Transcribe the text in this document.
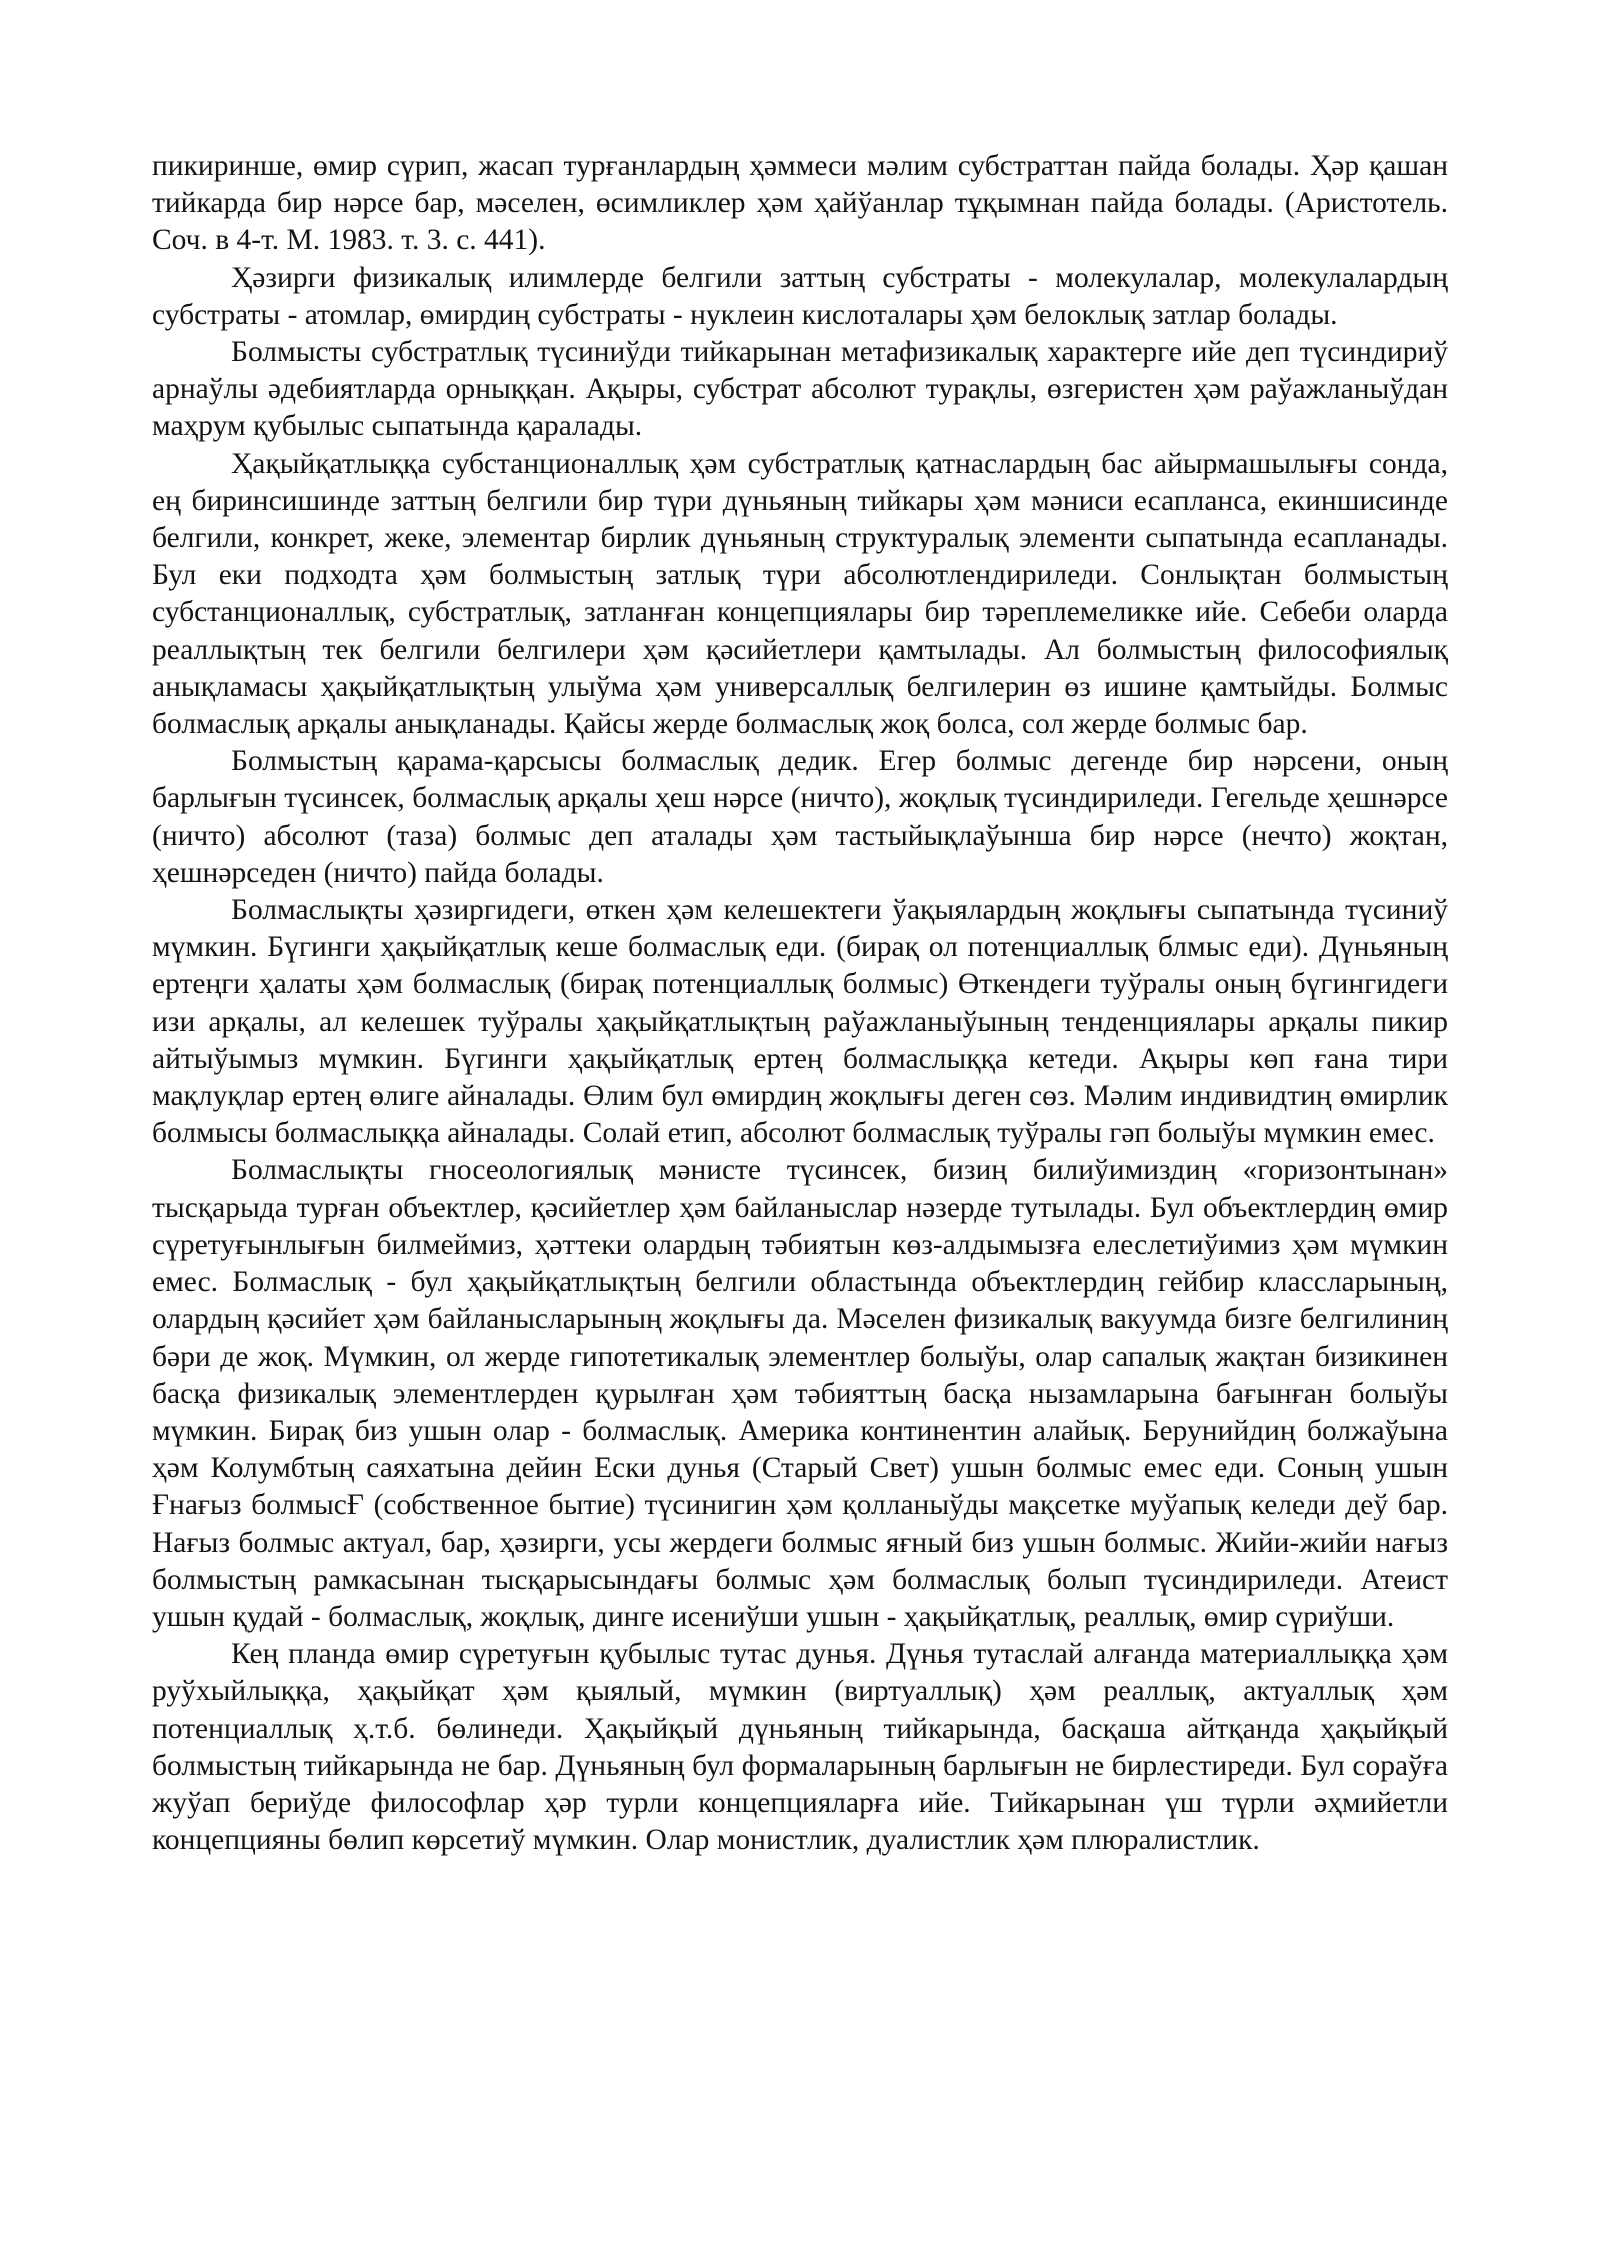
пикиринше, өмир сүрип, жасап турғанлардың ҳәммеси мәлим субстраттан пайда болады. Ҳәр қашан тийкарда бир нәрсе бар, мәселен, өсимликлер ҳәм ҳайўанлар тұқымнан пайда болады. (Аристотель. Соч. в 4-т. М. 1983. т. 3. с. 441).

Ҳәзирги физикалық илимлерде белгили заттың субстраты - молекулалар, молекулалардың субстраты - атомлар, өмирдиң субстраты - нуклеин кислоталары ҳәм белоклық затлар болады.

Болмысты субстратлық түсиниўди тийкарынан метафизикалық характерге ийе деп түсиндириў арнаўлы әдебиятларда орныққан. Ақыры, субстрат абсолют турақлы, өзгеристен ҳәм раўажланыўдан маҳрум қубылыс сыпатында қаралады.

Ҳақыйқатлыққа субстанционаллық ҳәм субстратлық қатнаслардың бас айырмашылығы сонда, ең биринсишинде заттың белгили бир түри дүньяның тийкары ҳәм мәниси есапланса, екиншисинде белгили, конкрет, жеке, элементар бирлик дүньяның структуралық элементи сыпатында есапланады. Бул еки подходта ҳәм болмыстың затлық түри абсолютлендириледи. Сонлықтан болмыстың субстанционаллық, субстратлық, затланған концепциялары бир тәреплемеликке ийе. Себеби оларда реаллықтың тек белгили белгилери ҳәм қәсийетлери қамтылады. Ал болмыстың философиялық анықламасы ҳақыйқатлықтың улыўма ҳәм универсаллық белгилерин өз ишине қамтыйды. Болмыс болмаслық арқалы анықланады. Қайсы жерде болмаслық жоқ болса, сол жерде болмыс бар.

Болмыстың қарама-қарсысы болмаслық дедик. Егер болмыс дегенде бир нәрсени, оның барлығын түсинсек, болмаслық арқалы ҳеш нәрсе (ничто), жоқлық түсиндириледи. Гегельде ҳешнәрсе (ничто) абсолют (таза) болмыс деп аталады ҳәм тастыйықлаўынша бир нәрсе (нечто) жоқтан, ҳешнәрседен (ничто) пайда болады.

Болмаслықты ҳәзиргидеги, өткен ҳәм келешектеги ўақыялардың жоқлығы сыпатында түсиниў мүмкин. Бүгинги ҳақыйқатлық кеше болмаслық еди. (бирақ ол потенциаллық блмыс еди). Дүньяның ертеңги ҳалаты ҳәм болмаслық (бирақ потенциаллық болмыс) Өткендеги туўралы оның бүгингидеги изи арқалы, ал келешек туўралы ҳақыйқатлықтың раўажланыўының тенденциялары арқалы пикир айтыўымыз мүмкин. Бүгинги ҳақыйқатлық ертең болмаслыққа кетеди. Ақыры көп ғана тири мақлуқлар ертең өлиге айналады. Өлим бул өмирдиң жоқлығы деген сөз. Мәлим индивидтиң өмирлик болмысы болмаслыққа айналады. Солай етип, абсолют болмаслық туўралы гәп болыўы мүмкин емес.

Болмаслықты гносеологиялық мәнисте түсинсек, бизиң билиўимиздиң «горизонтынан» тысқарыда турған объектлер, қәсийетлер ҳәм байланыслар нәзерде тутылады. Бул объектлердиң өмир сүретуғынлығын билмеймиз, ҳәттеки олардың тәбиятын көз-алдымызға елеслетиўимиз ҳәм мүмкин емес. Болмаслық - бул ҳақыйқатлықтың белгили областында объектлердиң гейбир классларының, олардың қәсийет ҳәм байланысларының жоқлығы да. Мәселен физикалық вакуумда бизге белгилиниң бәри де жоқ. Мүмкин, ол жерде гипотетикалық элементлер болыўы, олар сапалық жақтан бизикинен басқа физикалық элементлерден қурылған ҳәм тәбияттың басқа нызамларына бағынған болыўы мүмкин. Бирақ биз ушын олар - болмаслық. Америка континентин алайық. Берунийдиң болжаўына ҳәм Колумбтың саяхатына дейин Ески дунья (Старый Свет) ушын болмыс емес еди. Соның ушын Ғнағыз болмысҒ (собственное бытие) түсинигин ҳәм қолланыўды мақсетке муўапық келеди деў бар. Нағыз болмыс актуал, бар, ҳәзирги, усы жердеги болмыс яғный биз ушын болмыс. Жийи-жийи нағыз болмыстың рамкасынан тысқарысындағы болмыс ҳәм болмаслық болып түсиндириледи. Атеист ушын қудай - болмаслық, жоқлық, динге исениўши ушын - ҳақыйқатлық, реаллық, өмир сүриўши.

Кең планда өмир сүретуғын қубылыс тутас дунья. Дүнья тутаслай алғанда материаллыққа ҳәм руўхыйлыққа, ҳақыйқат ҳәм қыялый, мүмкин (виртуаллық) ҳәм реаллық, актуаллық ҳәм потенциаллық ҳ.т.б. бөлинеди. Ҳақыйқый дүньяның тийкарында, басқаша айтқанда ҳақыйқый болмыстың тийкарында не бар. Дүньяның бул формаларының барлығын не бирлестиреди. Бул сораўға жуўап бериўде философлар ҳәр турли концепцияларға ийе. Тийкарынан үш түрли әҳмийетли концепцияны бөлип көрсетиў мүмкин. Олар монистлик, дуалистлик ҳәм плюралистлик.
